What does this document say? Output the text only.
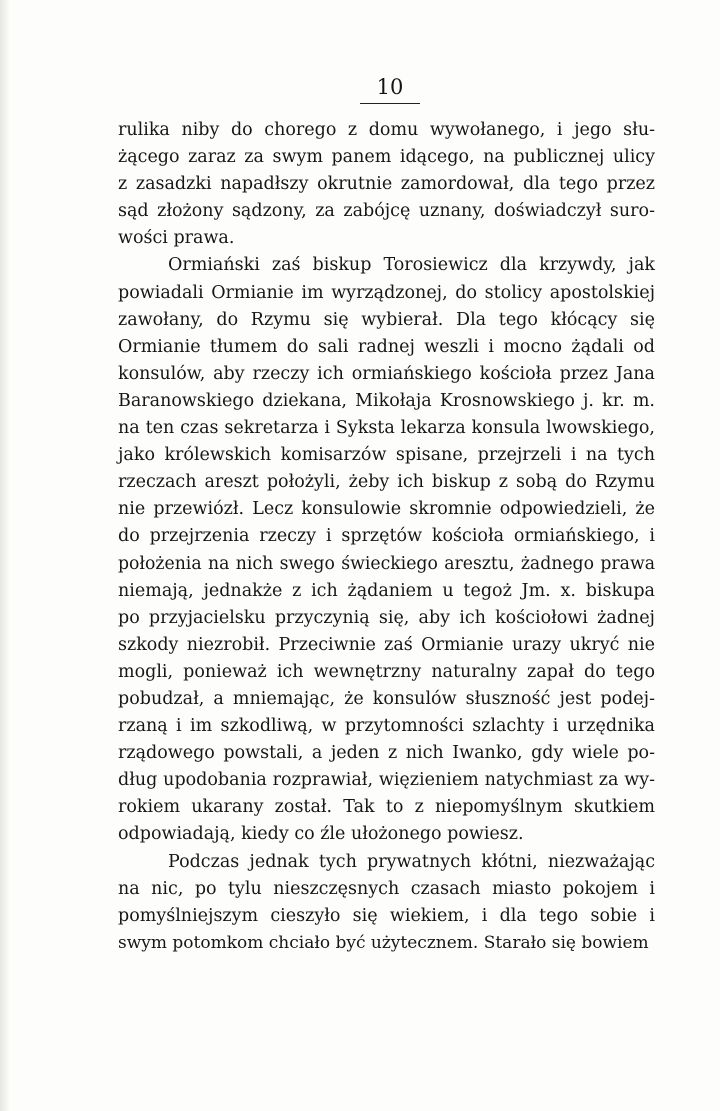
10
rulika niby do chorego z domu wywołanego, i jego słu-
żącego zaraz za swym panem idącego, na publicznej ulicy
z zasadzki napadłszy okrutnie zamordował, dla tego przez
sąd złożony sądzony, za zabójcę uznany, doświadczył suro-
wości prawa.
Ormiański zaś biskup Torosiewicz dla krzywdy, jak
powiadali Ormianie im wyrządzonej, do stolicy apostolskiej
zawołany, do Rzymu się wybierał. Dla tego kłócący się
Ormianie tłumem do sali radnej weszli i mocno żądali od
konsulów, aby rzeczy ich ormiańskiego kościoła przez Jana
Baranowskiego dziekana, Mikołaja Krosnowskiego j. kr. m.
na ten czas sekretarza i Syksta lekarza konsula lwowskiego,
jako królewskich komisarzów spisane, przejrzeli i na tych
rzeczach areszt położyli, żeby ich biskup z sobą do Rzymu
nie przewiózł. Lecz konsulowie skromnie odpowiedzieli, że
do przejrzenia rzeczy i sprzętów kościoła ormiańskiego, i
położenia na nich swego świeckiego aresztu, żadnego prawa
niemają, jednakże z ich żądaniem u tegoż Jm. x. biskupa
po przyjacielsku przyczynią się, aby ich kościołowi żadnej
szkody niezrobił. Przeciwnie zaś Ormianie urazy ukryć nie
mogli, ponieważ ich wewnętrzny naturalny zapał do tego
pobudzał, a mniemając, że konsulów słuszność jest podej-
rzaną i im szkodliwą, w przytomności szlachty i urzędnika
rządowego powstali, a jeden z nich Iwanko, gdy wiele po-
dług upodobania rozprawiał, więzieniem natychmiast za wy-
rokiem ukarany został. Tak to z niepomyślnym skutkiem
odpowiadają, kiedy co źle ułożonego powiesz.
Podczas jednak tych prywatnych kłótni, niezważając
na nic, po tylu nieszczęsnych czasach miasto pokojem i
pomyślniejszym cieszyło się wiekiem, i dla tego sobie i
swym potomkom chciało być użytecznem. Starało się bowiem
